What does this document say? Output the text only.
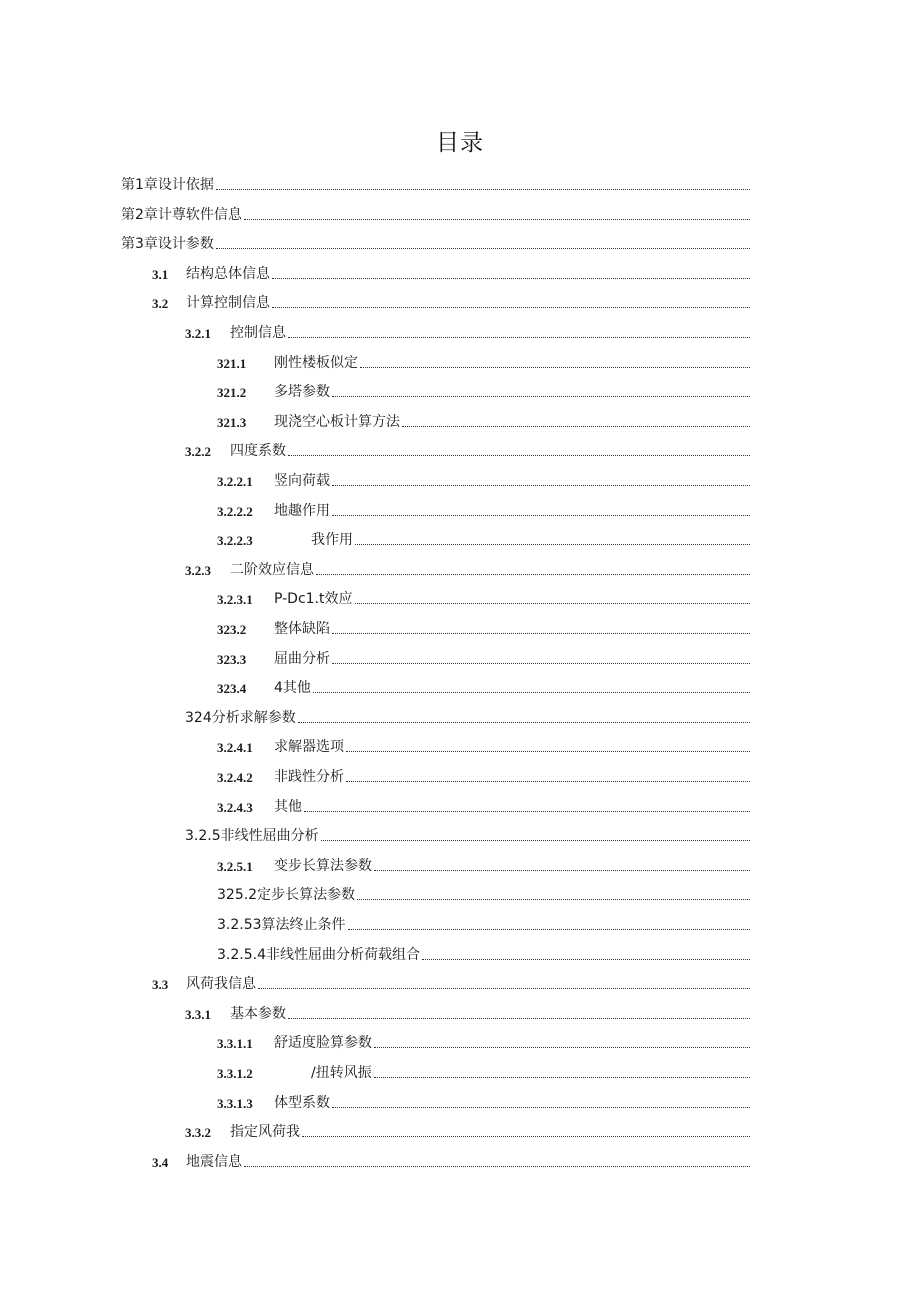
目录
第1章设计依据
第2章计尊软件信息
第3章设计参数
3.1	结构总体信息
3.2	计算控制信息
3.2.1	控制信息
321.1	刚性楼板似定
321.2	多塔参数
321.3	现浇空心板计算方法
3.2.2	四度系数
3.2.2.1	竖向荷载
3.2.2.2	地趣作用
3.2.2.3	我作用
3.2.3	二阶效应信息
3.2.3.1	P-Dc1.t效应
323.2	整体缺陷
323.3	屈曲分析
323.4	4其他
324分析求解参数
3.2.4.1	求解器选项
3.2.4.2	非践性分析
3.2.4.3	其他
3.2.5非线性屈曲分析
3.2.5.1	变步长算法参数
325.2定步长算法参数
3.2.53算法终止条件
3.2.5.4非线性屈曲分析荷载组合
3.3	风荷我信息
3.3.1	基本参数
3.3.1.1	舒适度脸算参数
3.3.1.2	/扭转风振
3.3.1.3	体型系数
3.3.2	指定风荷我
3.4	地震信息
